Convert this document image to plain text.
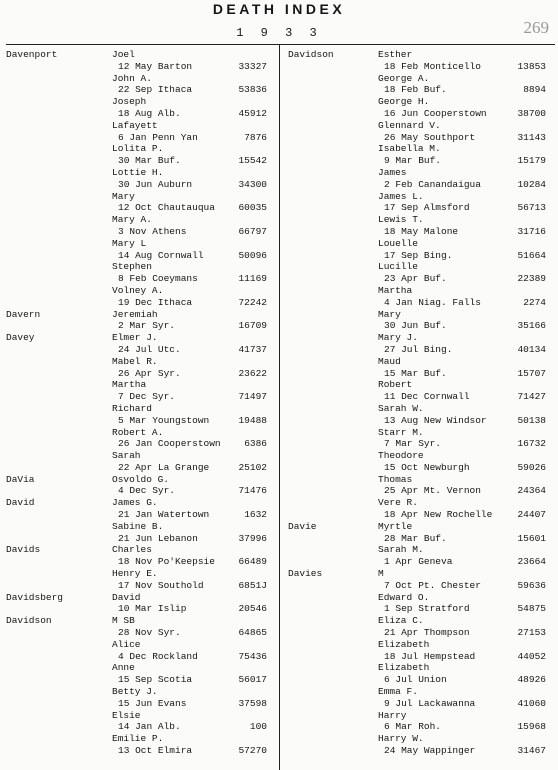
DEATH INDEX
269
1 9 3 3
Davenport	Joel
12 May Barton	33327
John A.
22 Sep Ithaca	53836
Joseph
18 Aug Alb.	45912
Lafayett
6 Jan Penn Yan	7876
Lolita P.
30 Mar Buf.	15542
Lottie H.
30 Jun Auburn	34300
Mary
12 Oct Chautauqua 60035
Mary A.
3 Nov Athens	66797
Mary L
14 Aug Cornwall	50096
Stephen
8 Feb Coeymans	11169
Volney A.
19 Dec Ithaca	72242
Davern	Jeremiah
2 Mar Syr.	16709
Davey	Elmer J.
24 Jul Utc.	41737
Mabel R.
26 Apr Syr.	23622
Martha
7 Dec Syr.	71497
Richard
5 Mar Youngstown	19488
Robert A.
26 Jan Cooperstown 6386
Sarah
22 Apr La Grange	25102
DaVia	Osvoldo G.
4 Dec Syr.	71476
David	James G.
21 Jan Watertown	1632
Sabine B.
21 Jun Lebanon	37996
Davids	Charles
18 Nov Po'Keepsie 66489
Henry E.
17 Nov Southold	6851J
Davidsberg	David
10 Mar Islip	20546
Davidson	M SB
28 Nov Syr.	64865
Alice
4 Dec Rockland	75436
Anne
15 Sep Scotia	56017
Betty J.
15 Jun Evans	37598
Elsie
14 Jan Alb.	100
Emilie P.
13 Oct Elmira	57270
Davidson	Esther
18 Feb Monticello	13853
George A.
18 Feb Buf.	8894
George H.
16 Jun Cooperstown	38700
Glennard V.
26 May Southport	31143
Isabella M.
9 Mar Buf.	15179
James
2 Feb Canandaigua	10284
James L.
17 Sep Almsford	56713
Lewis T.
18 May Malone	31716
Louelle
17 Sep Bing.	51664
Lucille
23 Apr Buf.	22389
Martha
4 Jan Niag. Falls	2274
Mary
30 Jun Buf.	35166
Mary J.
27 Jul Bing.	40134
Maud
15 Mar Buf.	15707
Robert
11 Dec Cornwall	71427
Sarah W.
13 Aug New Windsor	50138
Starr M.
7 Mar Syr.	16732
Theodore
15 Oct Newburgh	59026
Thomas
25 Apr Mt. Vernon	24364
Vere R.
18 Apr New Rochelle	24407
Davie	Myrtle
28 Mar Buf.	15601
Sarah M.
1 Apr Geneva	23664
Davies	M
7 Oct Pt. Chester	59636
Edward O.
1 Sep Stratford	54875
Eliza C.
21 Apr Thompson	27153
Elizabeth
18 Jul Hempstead	44052
Elizabeth
6 Jul Union	48926
Emma F.
9 Jul Lackawanna	41060
Harry
6 Mar Roh.	15968
Harry W.
24 May Wappinger	31467
